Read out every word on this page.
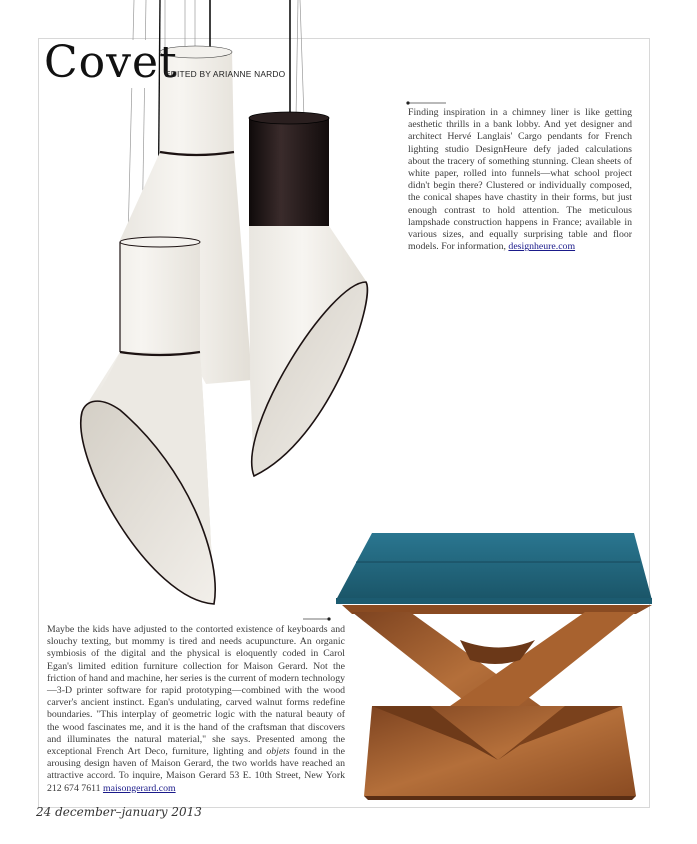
Covet
EDITED BY ARIANNE NARDO

Finding inspiration in a chimney liner is like getting aesthetic thrills in a bank lobby. And yet designer and architect Hervé Langlais' Cargo pendants for French lighting studio DesignHeure defy jaded calculations about the tracery of something stunning. Clean sheets of white paper, rolled into funnels—what school project didn't begin there? Clustered or individually composed, the conical shapes have chastity in their forms, but just enough contrast to hold attention. The meticulous lampshade construction happens in France; available in various sizes, and equally surprising table and floor models. For information, designheure.com

Maybe the kids have adjusted to the contorted existence of keyboards and slouchy texting, but mommy is tired and needs acupuncture. An organic symbiosis of the digital and the physical is eloquently coded in Carol Egan's limited edition furniture collection for Maison Gerard. Not the friction of hand and machine, her series is the current of modern technology—3-D printer software for rapid prototyping—combined with the wood carver's ancient instinct. Egan's undulating, carved walnut forms redefine boundaries. "This interplay of geometric logic with the natural beauty of the wood fascinates me, and it is the hand of the craftsman that discovers and illuminates the natural material," she says. Presented among the exceptional French Art Deco, furniture, lighting and objets found in the arousing design haven of Maison Gerard, the two worlds have reached an attractive accord. To inquire, Maison Gerard 53 E. 10th Street, New York 212 674 7611 maisongerard.com

24 december–january 2013
